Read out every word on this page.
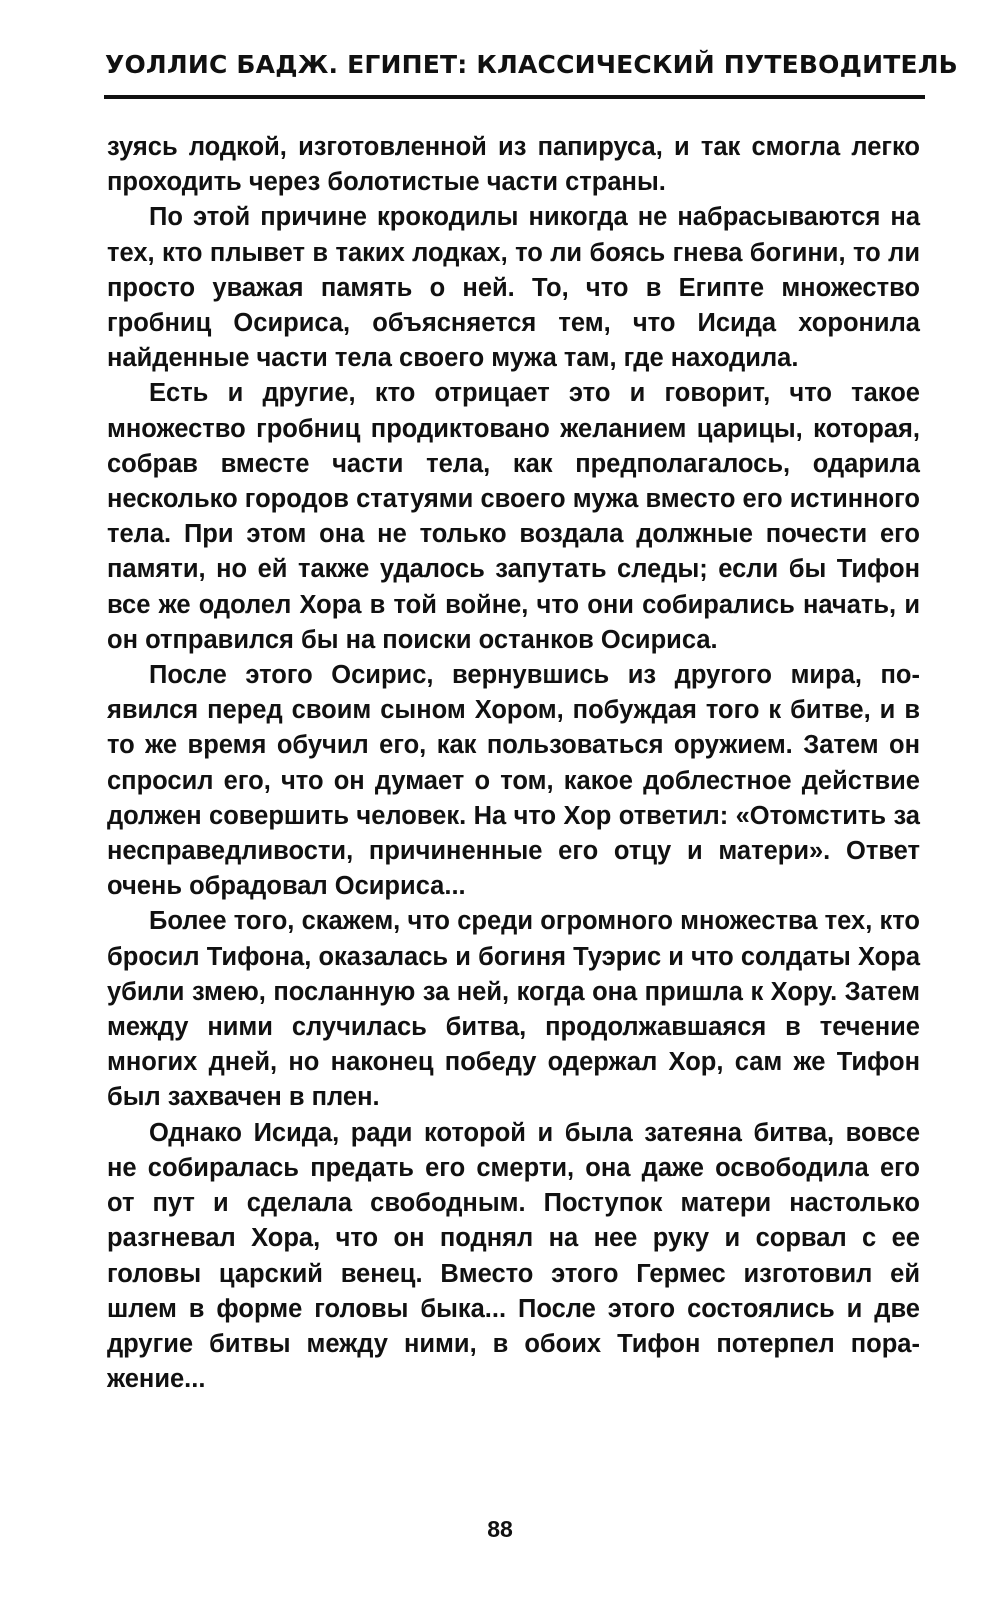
УОЛЛИС БАДЖ. ЕГИПЕТ: КЛАССИЧЕСКИЙ ПУТЕВОДИТЕЛЬ

зуясь лодкой, изготовленной из папируса, и так смогла легко проходить через болотистые части страны.

По этой причине крокодилы никогда не набрасываются на тех, кто плывет в таких лодках, то ли боясь гнева богини, то ли просто уважая память о ней. То, что в Египте множество гробниц Осириса, объясняется тем, что Исида хоронила найденные части тела своего мужа там, где находила.

Есть и другие, кто отрицает это и говорит, что такое множество гробниц продиктовано желанием царицы, которая, собрав вместе части тела, как предполагалось, одарила несколько городов статуями своего мужа вместо его истинного тела. При этом она не только воздала должные почести его памяти, но ей также удалось запутать следы; если бы Тифон все же одолел Хора в той войне, что они собирались начать, и он отправился бы на поиски останков Осириса.

После этого Осирис, вернувшись из другого мира, появился перед своим сыном Хором, побуждая того к битве, и в то же время обучил его, как пользоваться оружием. Затем он спросил его, что он думает о том, какое доблестное действие должен совершить человек. На что Хор ответил: «Отомстить за несправедливости, причиненные его отцу и матери». Ответ очень обрадовал Осириса...

Более того, скажем, что среди огромного множества тех, кто бросил Тифона, оказалась и богиня Туэрис и что солдаты Хора убили змею, посланную за ней, когда она пришла к Хору. Затем между ними случилась битва, продолжавшаяся в течение многих дней, но наконец победу одержал Хор, сам же Тифон был захвачен в плен.

Однако Исида, ради которой и была затеяна битва, вовсе не собиралась предать его смерти, она даже освободила его от пут и сделала свободным. Поступок матери настолько разгневал Хора, что он поднял на нее руку и сорвал с ее головы царский венец. Вместо этого Гермес изготовил ей шлем в форме головы быка... После этого состоялись и две другие битвы между ними, в обоих Тифон потерпел поражение...

88
